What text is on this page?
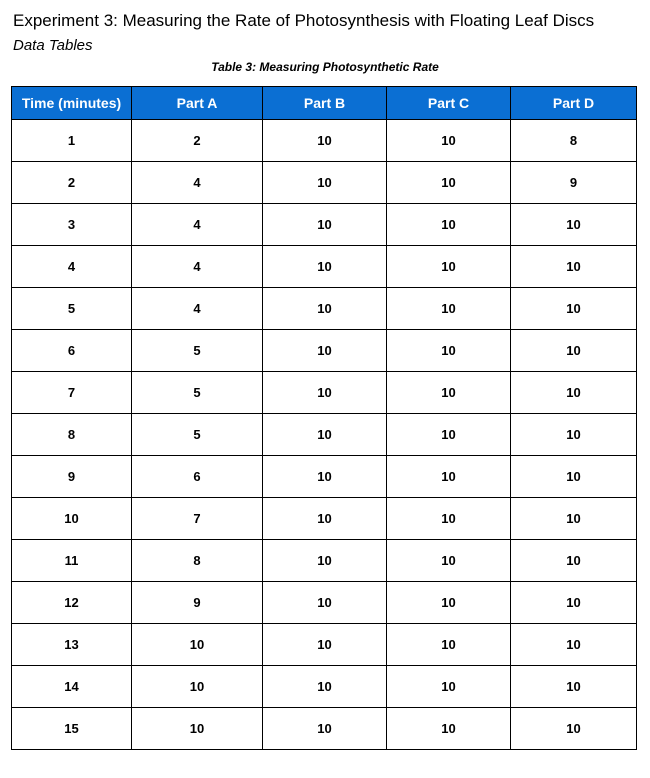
Experiment 3: Measuring the Rate of Photosynthesis with Floating Leaf Discs
Data Tables
Table 3: Measuring Photosynthetic Rate
Time (minutes)	Part A	Part B	Part C	Part D
1	2	10	10	8
2	4	10	10	9
3	4	10	10	10
4	4	10	10	10
5	4	10	10	10
6	5	10	10	10
7	5	10	10	10
8	5	10	10	10
9	6	10	10	10
10	7	10	10	10
11	8	10	10	10
12	9	10	10	10
13	10	10	10	10
14	10	10	10	10
15	10	10	10	10
